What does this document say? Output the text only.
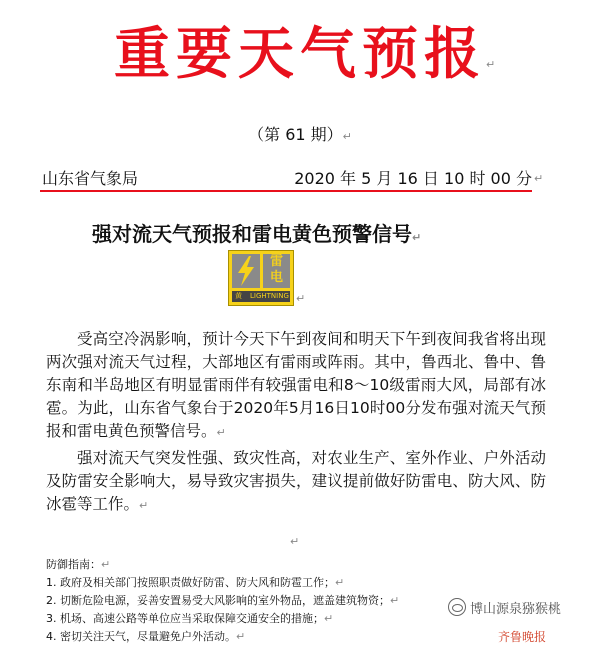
重要天气预报 ↵
（第 61 期）↵
山东省气象局	2020 年 5 月 16 日 10 时 00 分 ↵
强对流天气预报和雷电黄色预警信号↵
雷
电
黄 LIGHTNING ↵

受高空冷涡影响，预计今天下午到夜间和明天下午到夜间我省将出现两次强对流天气过程，大部地区有雷雨或阵雨。其中，鲁西北、鲁中、鲁东南和半岛地区有明显雷雨伴有较强雷电和8～10级雷雨大风，局部有冰雹。为此，山东省气象台于2020年5月16日10时00分发布强对流天气预报和雷电黄色预警信号。↵

强对流天气突发性强、致灾性高，对农业生产、室外作业、户外活动及防雷安全影响大，易导致灾害损失，建议提前做好防雷电、防大风、防冰雹等工作。↵

↵
防御指南：↵
1. 政府及相关部门按照职责做好防雷、防大风和防雹工作；↵
2. 切断危险电源，妥善安置易受大风影响的室外物品，遮盖建筑物资；↵
3. 机场、高速公路等单位应当采取保障交通安全的措施；↵
4. 密切关注天气，尽量避免户外活动。↵
博山源泉猕猴桃
齐鲁晚报
